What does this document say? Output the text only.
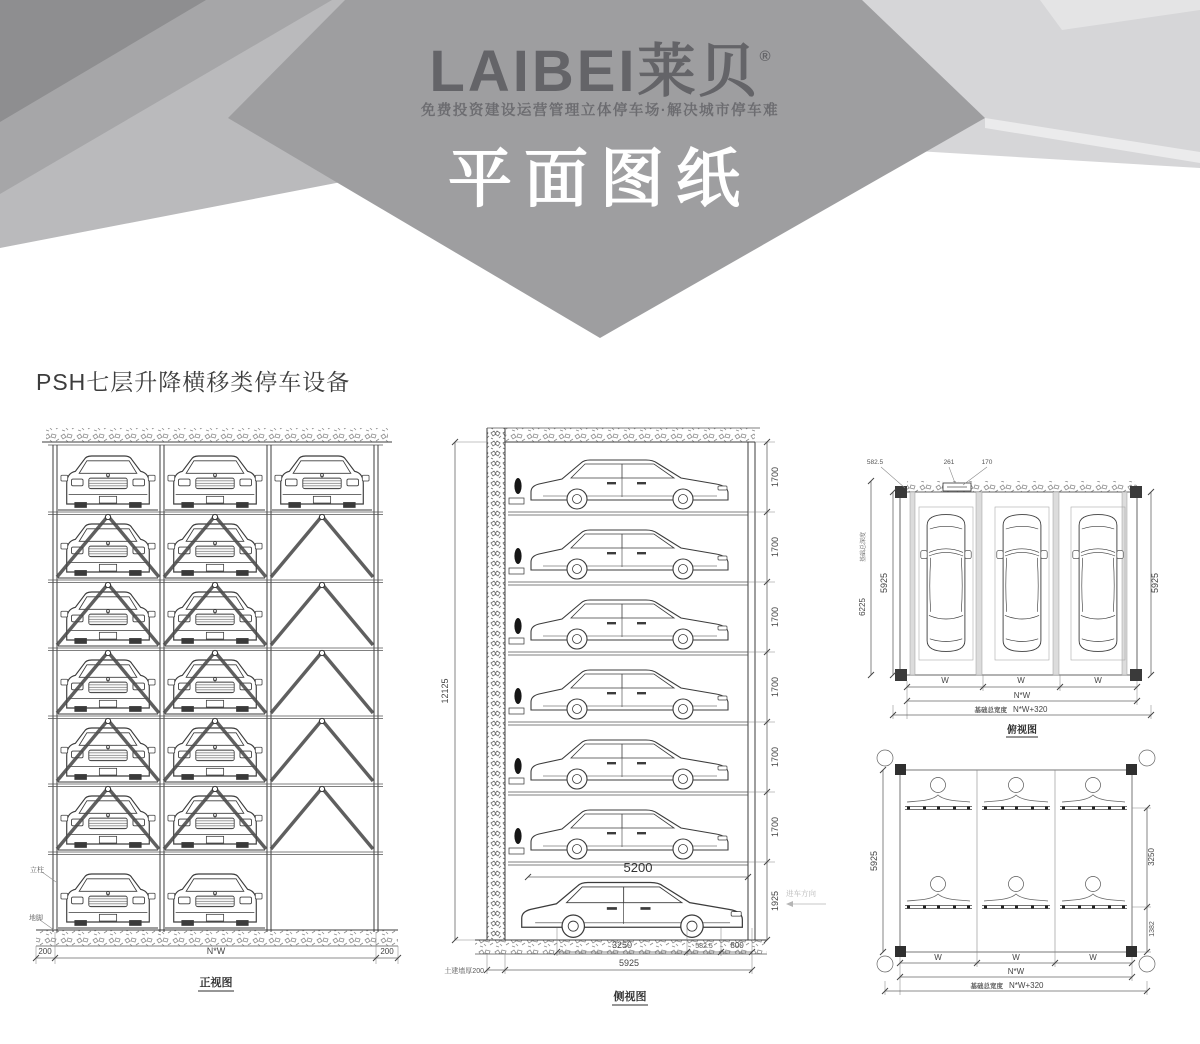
LAIBEI莱贝®
免费投资建设运营管理立体停车场·解决城市停车难
平面图纸
PSH七层升降横移类停车设备
立柱
地脚
200	N*W	200
正视图
5200
12125
1700
1700
1700
1700
1700
1700
1925 进车方向
3250	582.5 800
5925
土建墙厚200
侧视图
582.5	261	170
基础总深度
6225
5925	5925
W	W	W
N*W
基础总宽度 N*W+320
俯视图
5925	3250
1382
W	W	W
N*W
基础总宽度 N*W+320
